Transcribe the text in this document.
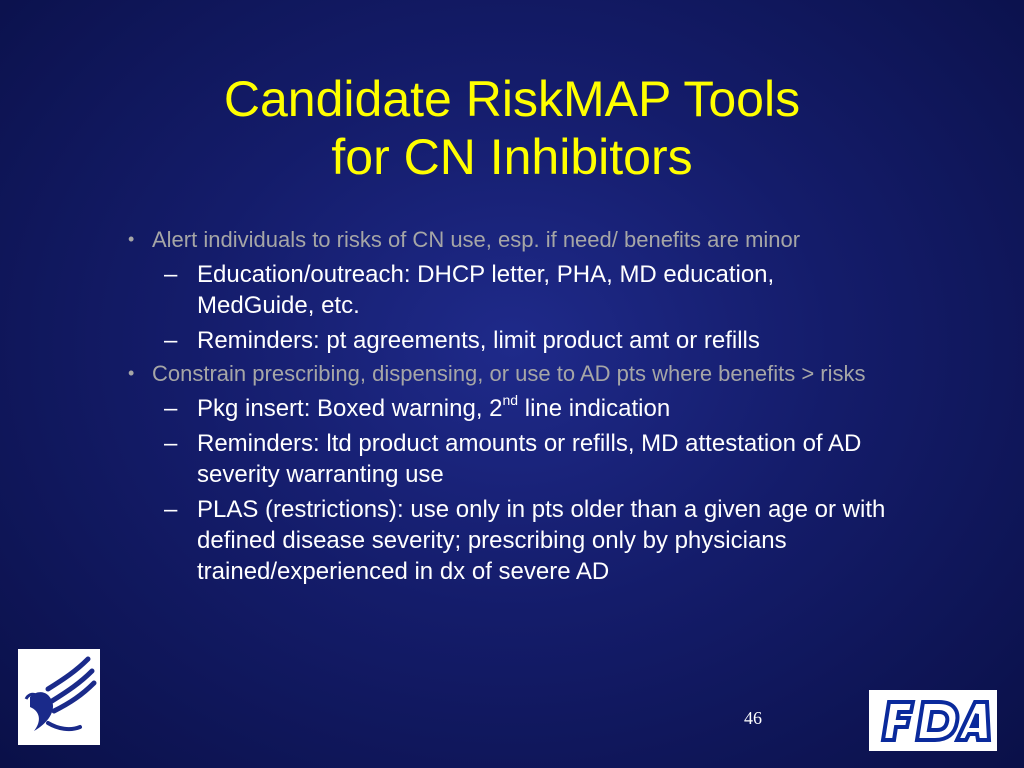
Candidate RiskMAP Tools
for CN Inhibitors
• Alert individuals to risks of CN use, esp. if need/ benefits are minor
– Education/outreach: DHCP letter, PHA, MD education, MedGuide, etc.
– Reminders: pt agreements, limit product amt or refills
• Constrain prescribing, dispensing, or use to AD pts where benefits > risks
– Pkg insert: Boxed warning, 2nd line indication
– Reminders: ltd product amounts or refills, MD attestation of AD severity warranting use
– PLAS (restrictions): use only in pts older than a given age or with defined disease severity; prescribing only by physicians trained/experienced in dx of severe AD
46
